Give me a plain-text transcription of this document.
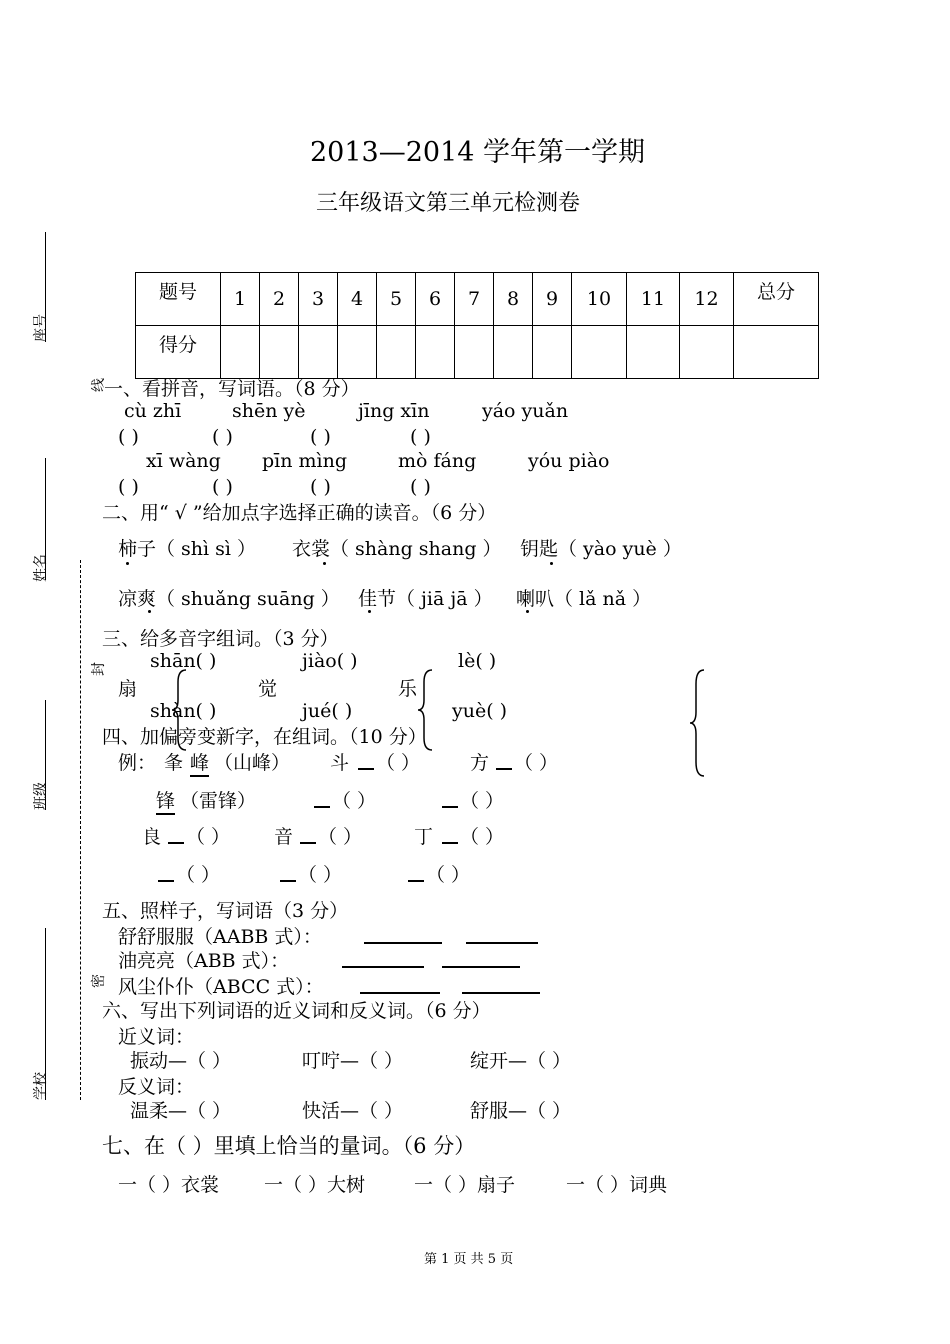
2013—2014 学年第一学期
三年级语文第三单元检测卷
座号
姓名
班级
学校
线
封
密
题号	1	2	3	4	5	6	7	8	9	10	11	12	总分
得分													
一、看拼音，写词语。（8 分）
cù zhī	shēn yè	jīng xīn	yáo yuǎn
( )	( )	( )	( )
xī wàng pīn mìng	mò fáng	yóu piào
( )	( )	( )	( )
二、用“ √ ”给加点字选择正确的读音。（6 分）
柿子（ shì sì ） 衣裳（ shàng shang ） 钥匙（ yào yuè ）
凉爽（ shuǎng suāng ） 佳节（ jiā jā ） 喇叭（ lǎ nǎ ）
三、给多音字组词。（3 分）
shān( )	jiào( )	lè( )
扇	觉	乐
shàn( )	jué( )	yuè( )
四、加偏旁变新字，在组词。（10 分）
例： 夆 峰 （山峰） 斗 （ ）	方 （ ）
锋 （雷锋）	（ ）	（ ）
良 （ ） 音 （ ）	丁 （ ）
（ ）	（ ）	（ ）
五、照样子，写词语（3 分）
舒舒服服（AABB 式）：
油亮亮（ABB 式）：
风尘仆仆（ABCC 式）：
六、写出下列词语的近义词和反义词。（6 分）
近义词：
振动—（ ）	叮咛—（ ）	绽开—（ ）
反义词：
温柔—（ ）	快活—（ ）	舒服—（ ）
七、在（ ）里填上恰当的量词。（6 分）
一（ ）衣裳 一（ ）大树	一（ ）扇子	一（ ）词典
第 1 页 共 5 页
